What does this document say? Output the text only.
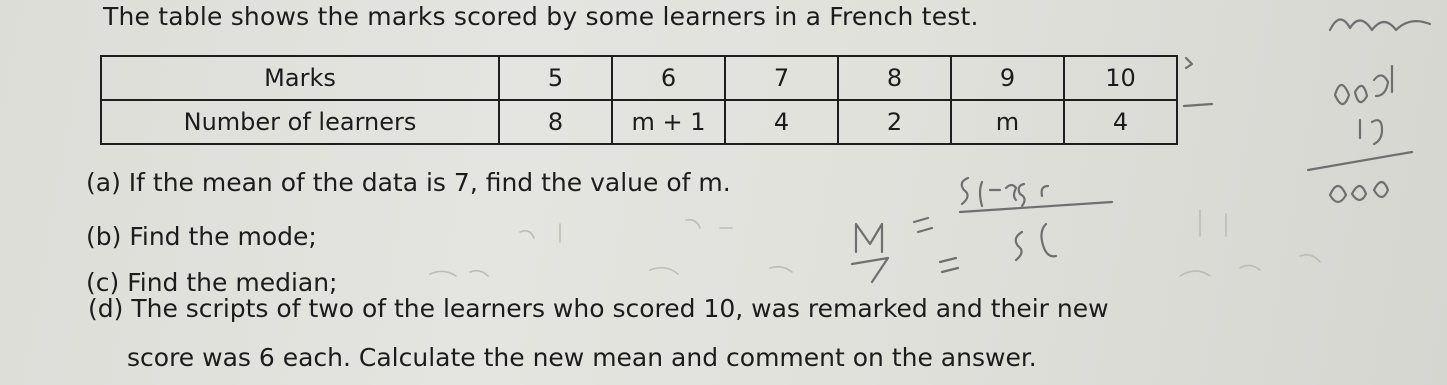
The table shows the marks scored by some learners in a French test.
Marks	5	6	7	8	9	10
Number of learners	8	m + 1	4	2	m	4
(a) If the mean of the data is 7, find the value of m.
(b) Find the mode;
(c) Find the median;
(d) The scripts of two of the learners who scored 10, was remarked and their new
score was 6 each. Calculate the new mean and comment on the answer.
